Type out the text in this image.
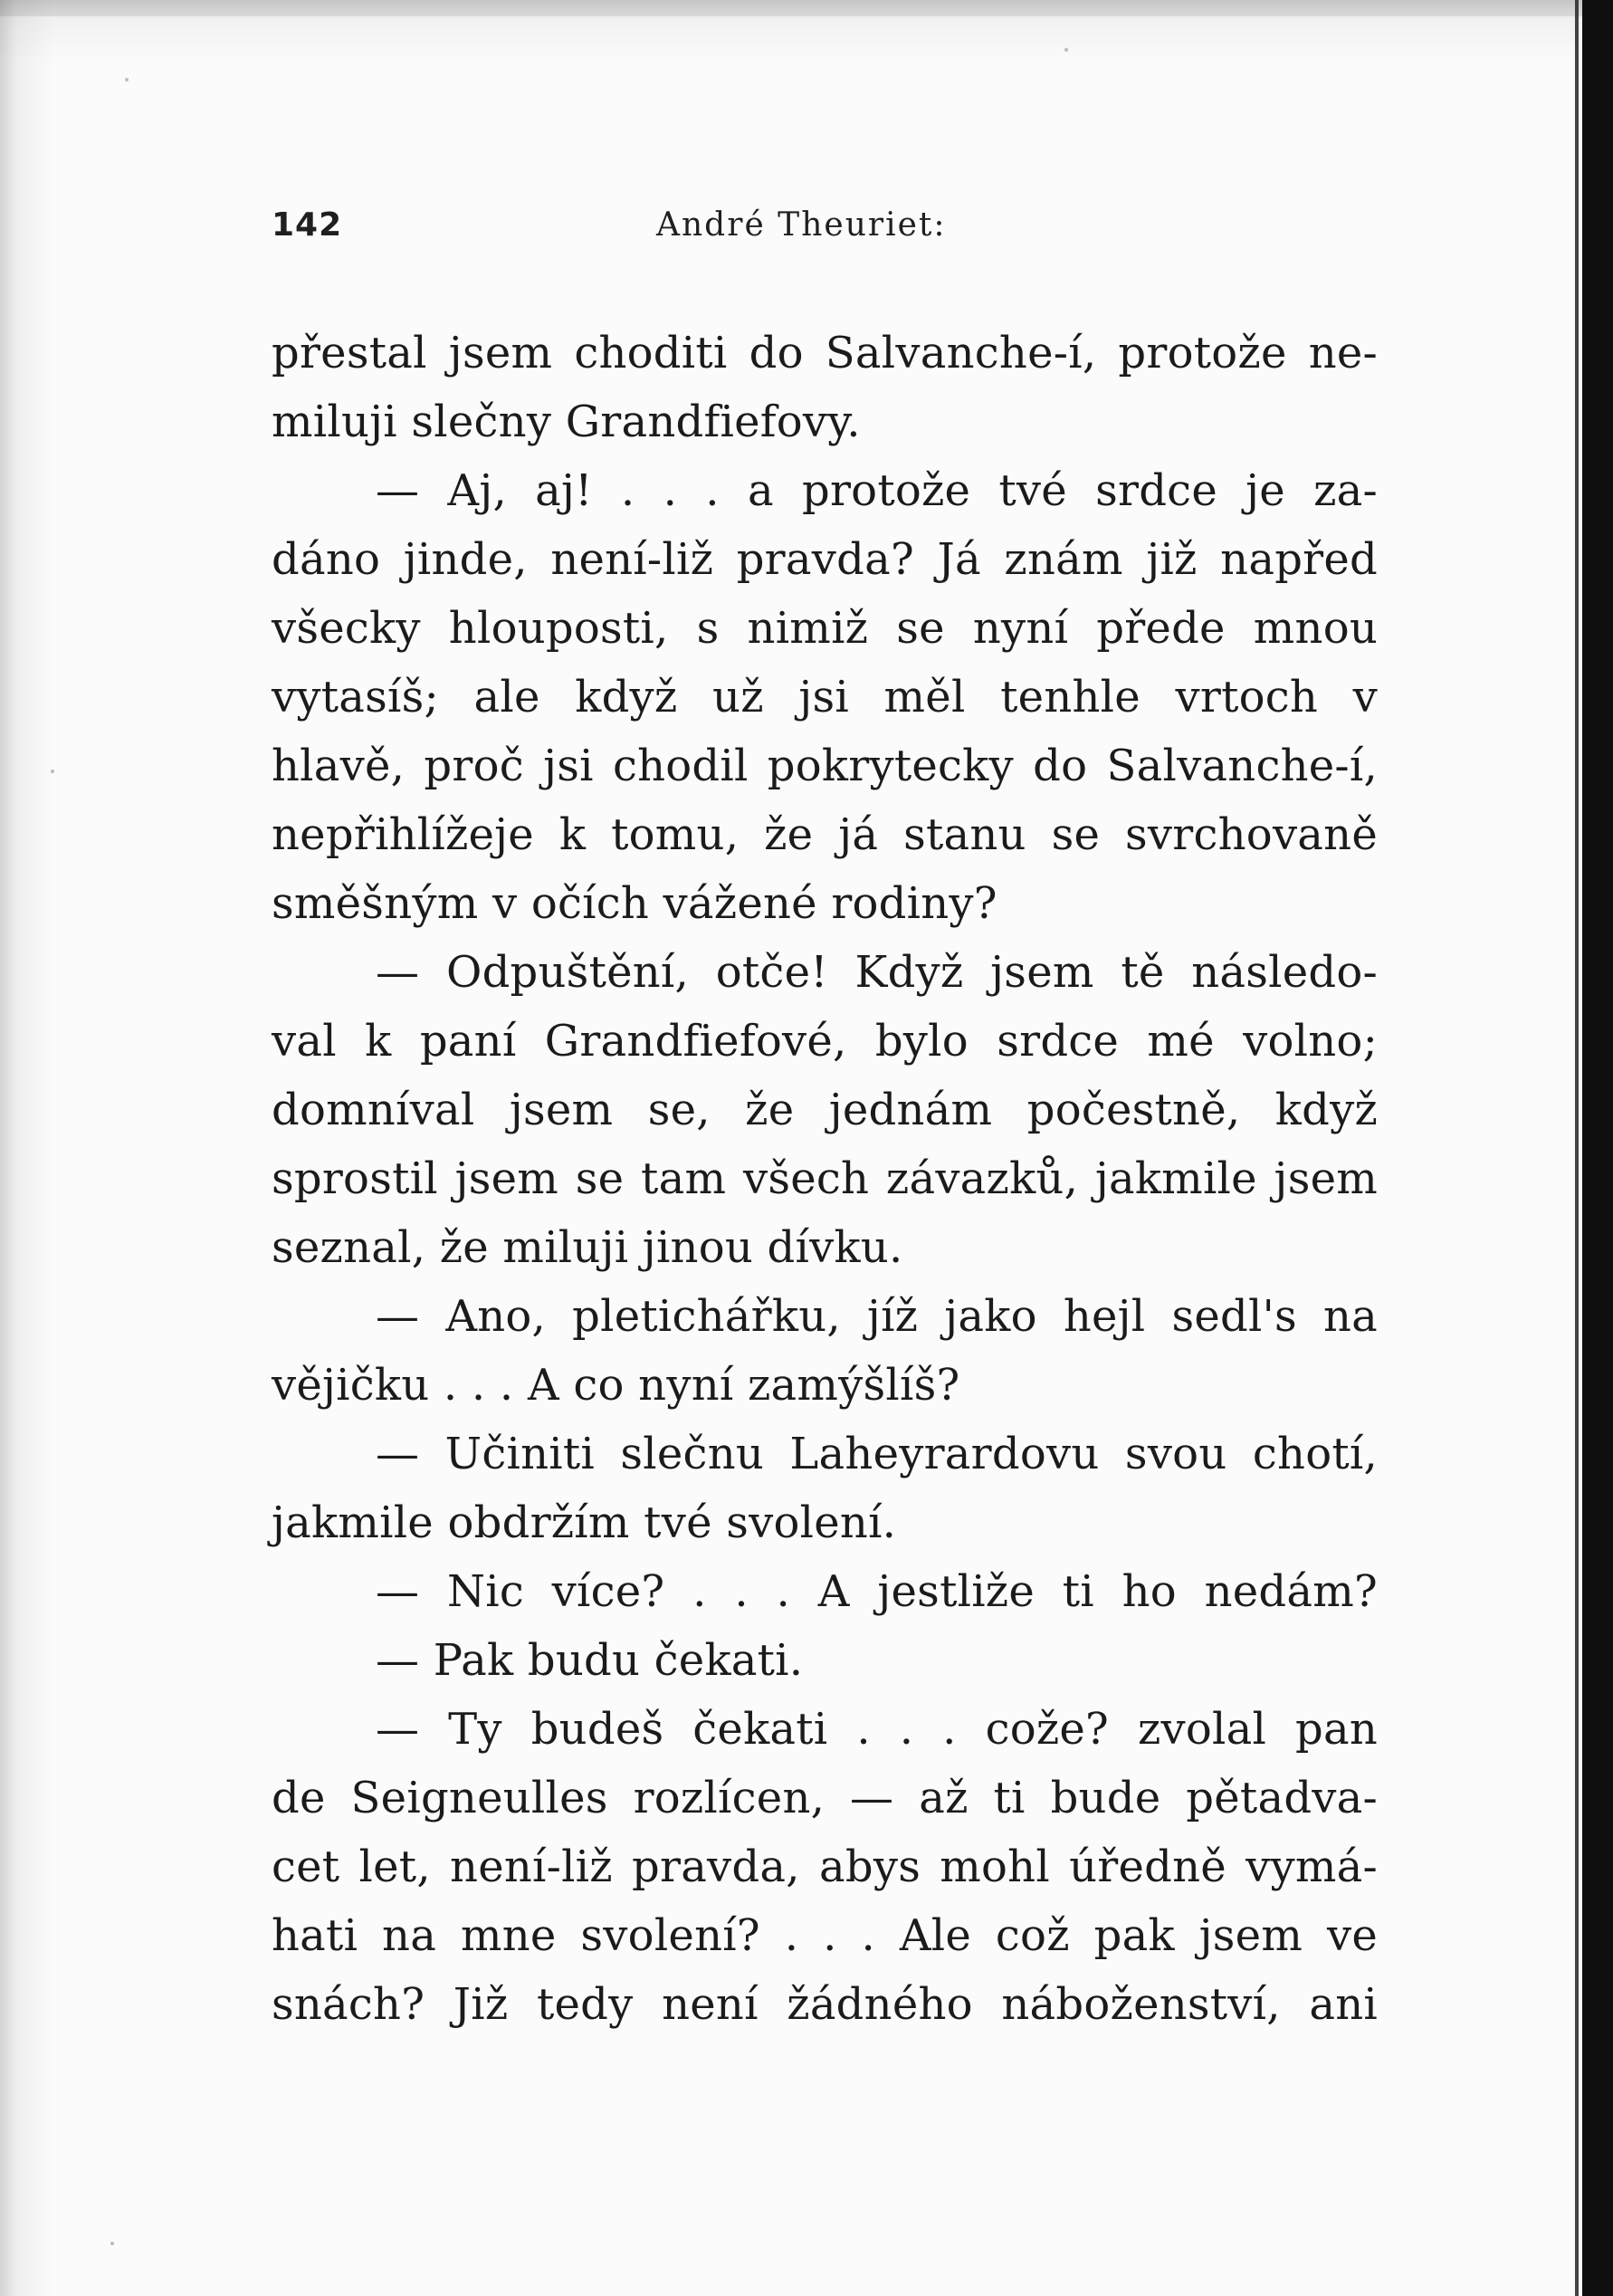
142	André Theuriet:
přestal jsem choditi do Salvanche-í, protože ne-
miluji slečny Grandfiefovy.
— Aj, aj! . . . a protože tvé srdce je za-
dáno jinde, není-liž pravda? Já znám již napřed
všecky hlouposti, s nimiž se nyní přede mnou
vytasíš; ale když už jsi měl tenhle vrtoch v
hlavě, proč jsi chodil pokrytecky do Salvanche-í,
nepřihlížeje k tomu, že já stanu se svrchovaně
směšným v očích vážené rodiny?
— Odpuštění, otče! Když jsem tě následo-
val k paní Grandfiefové, bylo srdce mé volno;
domníval jsem se, že jednám počestně, když
sprostil jsem se tam všech závazků, jakmile jsem
seznal, že miluji jinou dívku.
— Ano, pletichářku, jíž jako hejl sedl's na
vějičku . . . A co nyní zamýšlíš?
— Učiniti slečnu Laheyrardovu svou chotí,
jakmile obdržím tvé svolení.
— Nic více? . . . A jestliže ti ho nedám?
— Pak budu čekati.
— Ty budeš čekati . . . cože? zvolal pan
de Seigneulles rozlícen, — až ti bude pětadva-
cet let, není-liž pravda, abys mohl úředně vymá-
hati na mne svolení? . . . Ale což pak jsem ve
snách? Již tedy není žádného náboženství, ani
